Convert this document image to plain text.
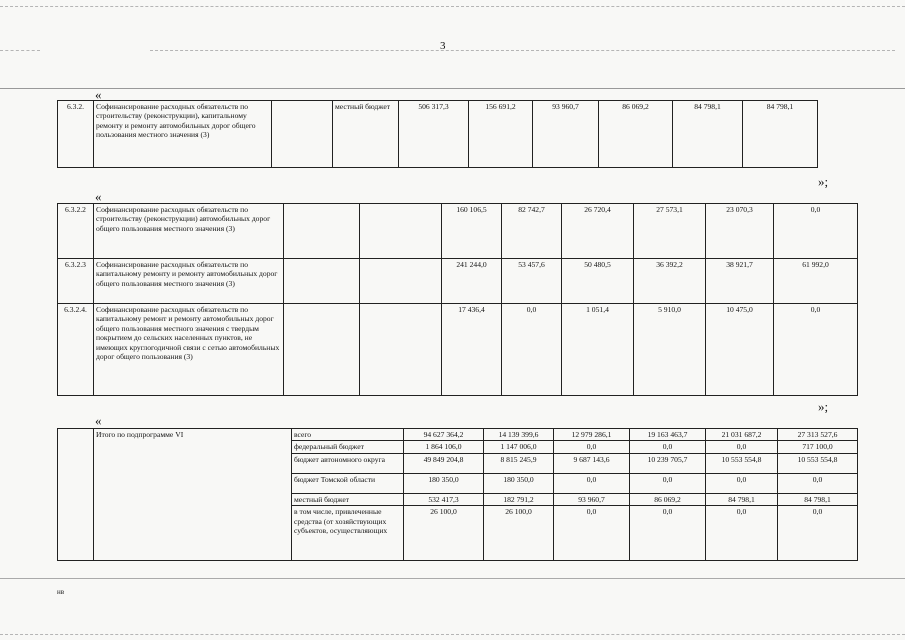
3
«
6.3.2.	Софинансирование расходных обязательств по строительству (реконструкции), капитальному ремонту и ремонту автомобильных дорог общего пользования местного значения (3)		местный бюджет	506 317,3	156 691,2	93 960,7	86 069,2	84 798,1	84 798,1
»;
«
6.3.2.2	Софинансирование расходных обязательств по строительству (реконструкции) автомобильных дорог общего пользования местного значения (3)			160 106,5	82 742,7	26 720,4	27 573,1	23 070,3	0,0
6.3.2.3	Софинансирование расходных обязательств по капитальному ремонту и ремонту автомобильных дорог общего пользования местного значения (3)			241 244,0	53 457,6	50 480,5	36 392,2	38 921,7	61 992,0
6.3.2.4.	Софинансирование расходных обязательств по капитальному ремонт и ремонту автомобильных дорог общего пользования местного значения с твердым покрытием до сельских населенных пунктов, не имеющих круглогодичной связи с сетью автомобильных дорог общего пользования (3)			17 436,4	0,0	1 051,4	5 910,0	10 475,0	0,0
»;
«
	Итого по подпрограмме VI	всего	94 627 364,2	14 139 399,6	12 979 286,1	19 163 463,7	21 031 687,2	27 313 527,6
		федеральный бюджет	1 864 106,0	1 147 006,0	0,0	0,0	0,0	717 100,0
		бюджет автономного округа	49 849 204,8	8 815 245,9	9 687 143,6	10 239 705,7	10 553 554,8	10 553 554,8
		бюджет Томской области	180 350,0	180 350,0	0,0	0,0	0,0	0,0
		местный бюджет	532 417,3	182 791,2	93 960,7	86 069,2	84 798,1	84 798,1
		в том числе, привлеченные средства (от хозяйствующих субъектов, осуществляющих	26 100,0	26 100,0	0,0	0,0	0,0	0,0
нв
